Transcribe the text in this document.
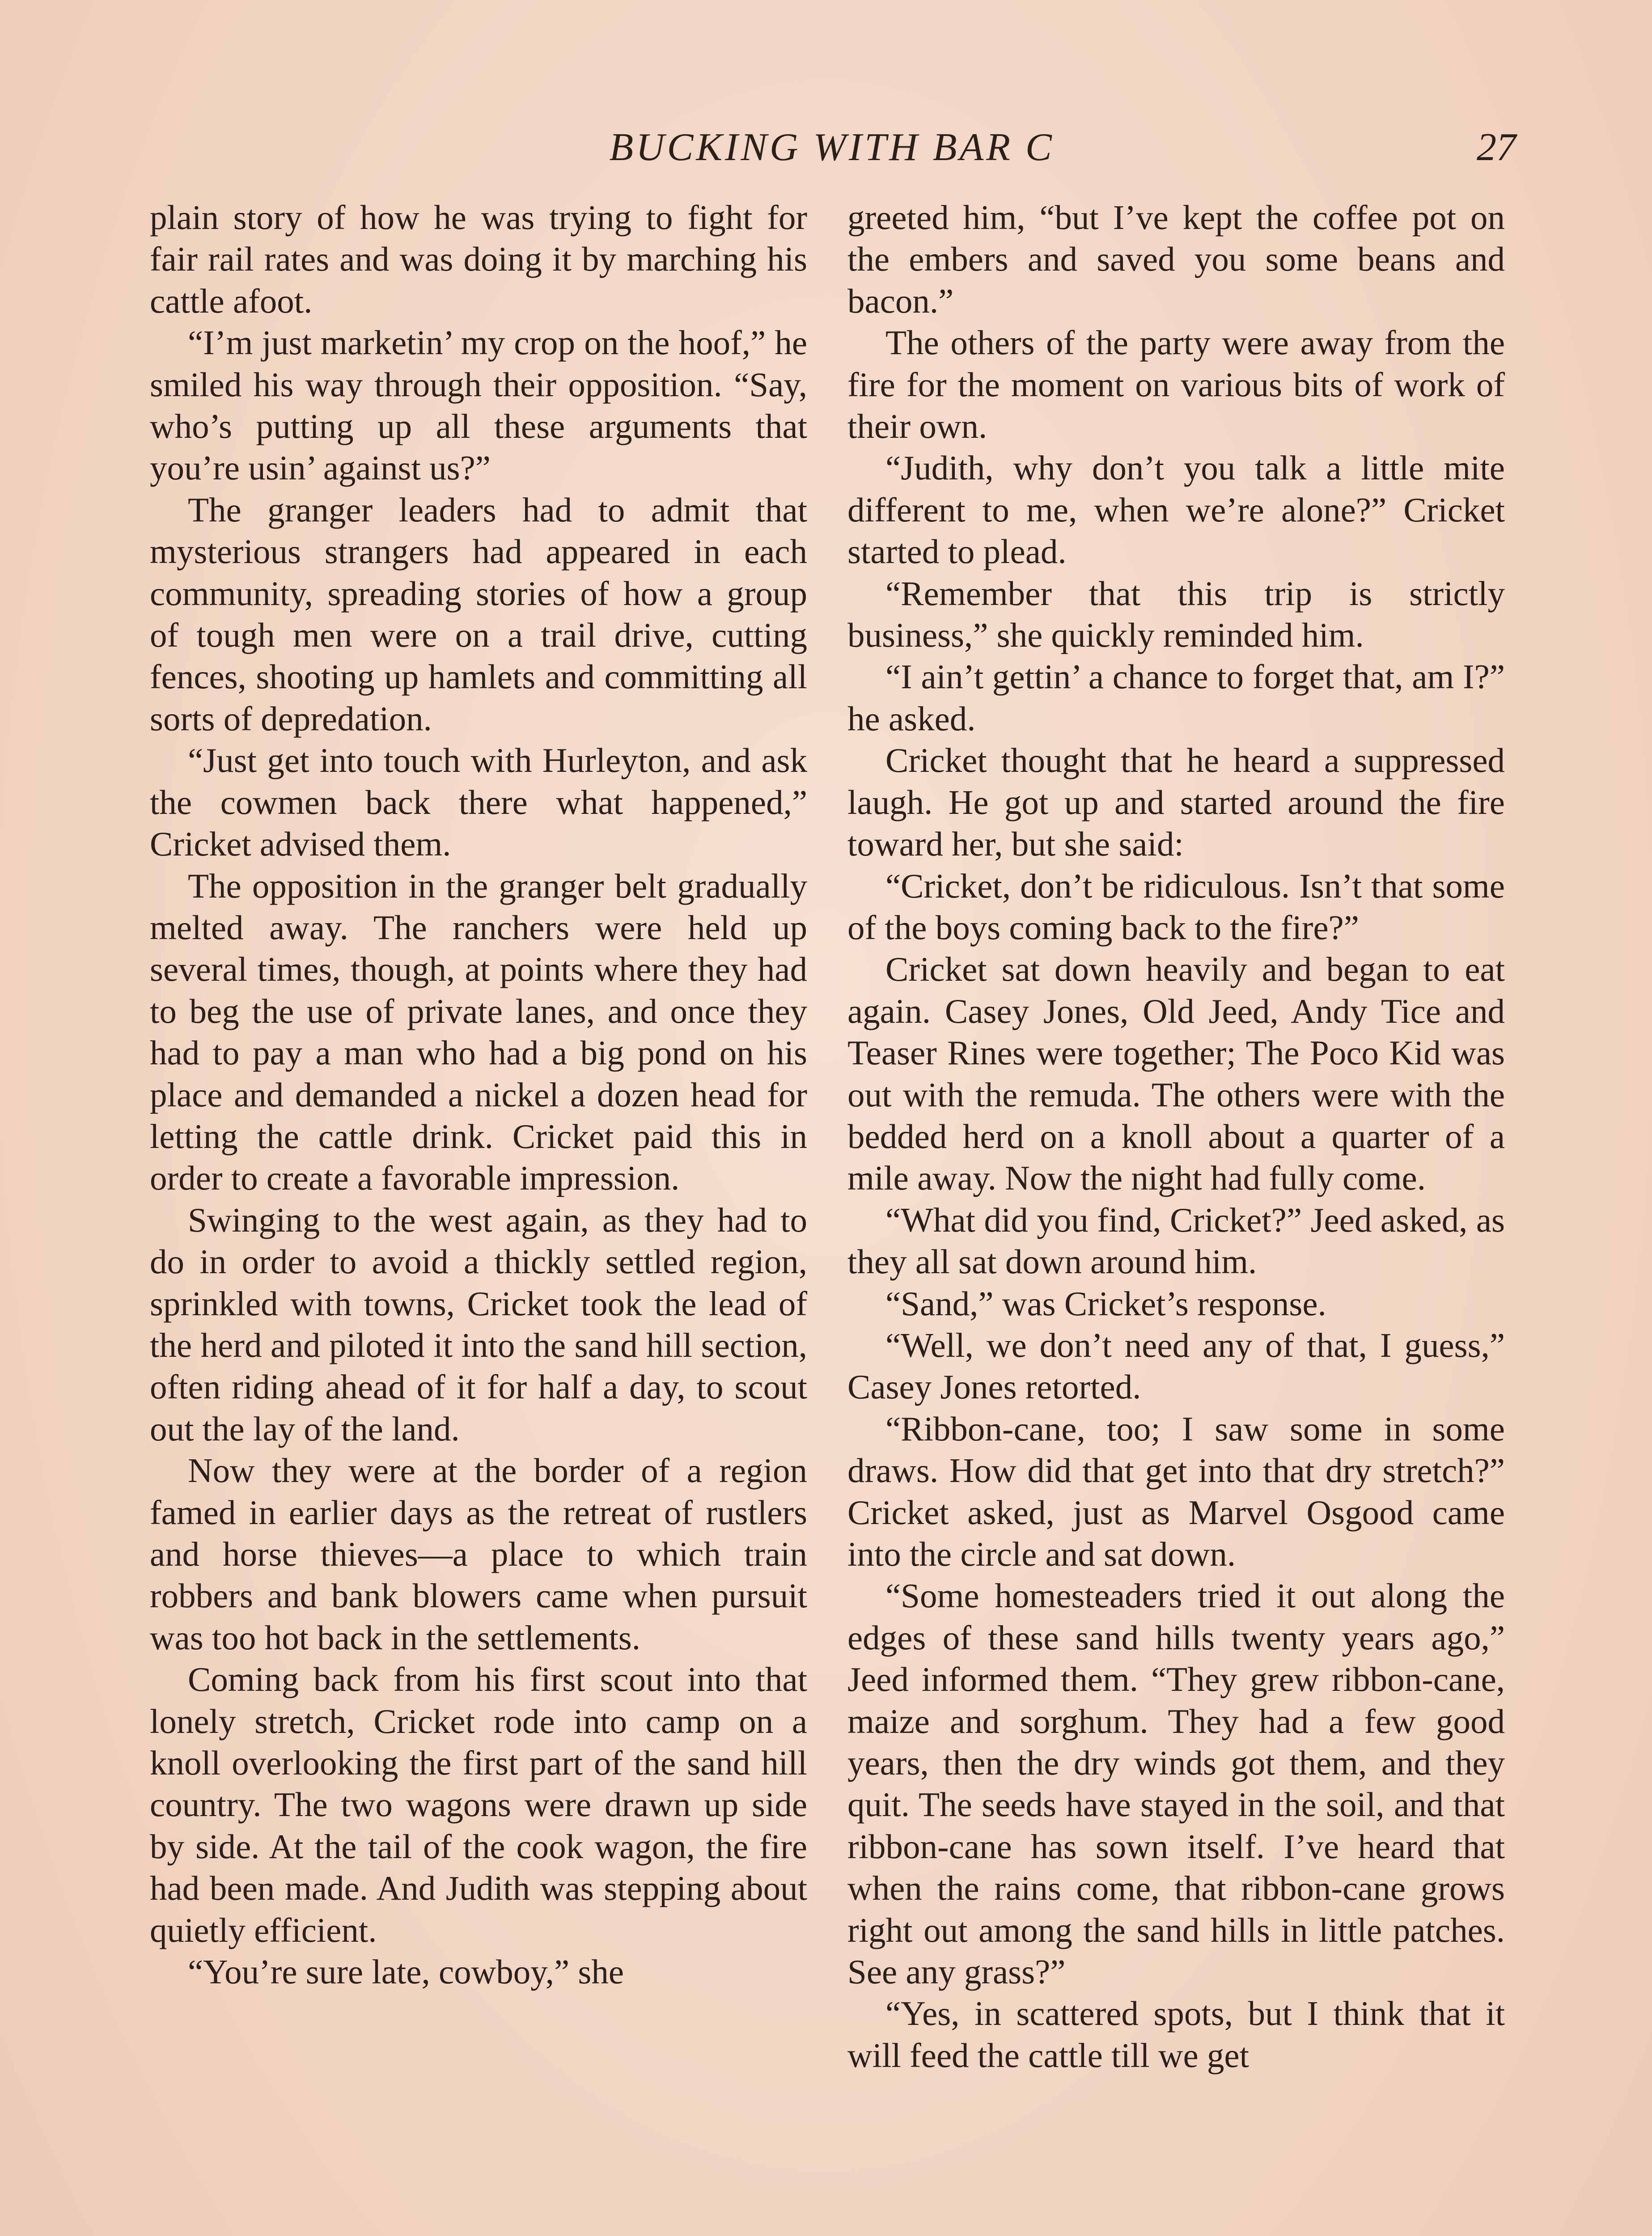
BUCKING WITH BAR C	27

plain story of how he was trying to fight for fair rail rates and was doing it by marching his cattle afoot.

“I’m just marketin’ my crop on the hoof,” he smiled his way through their opposition. “Say, who’s putting up all these arguments that you’re usin’ against us?”

The granger leaders had to admit that mysterious strangers had appeared in each community, spreading stories of how a group of tough men were on a trail drive, cutting fences, shooting up hamlets and committing all sorts of depredation.

“Just get into touch with Hurleyton, and ask the cowmen back there what happened,” Cricket advised them.

The opposition in the granger belt gradually melted away. The ranchers were held up several times, though, at points where they had to beg the use of private lanes, and once they had to pay a man who had a big pond on his place and demanded a nickel a dozen head for letting the cattle drink. Cricket paid this in order to create a favorable impression.

Swinging to the west again, as they had to do in order to avoid a thickly settled region, sprinkled with towns, Cricket took the lead of the herd and piloted it into the sand hill section, often riding ahead of it for half a day, to scout out the lay of the land.

Now they were at the border of a region famed in earlier days as the retreat of rustlers and horse thieves—a place to which train robbers and bank blowers came when pursuit was too hot back in the settlements.

Coming back from his first scout into that lonely stretch, Cricket rode into camp on a knoll overlooking the first part of the sand hill country. The two wagons were drawn up side by side. At the tail of the cook wagon, the fire had been made. And Judith was stepping about quietly efficient.

“You’re sure late, cowboy,” she

greeted him, “but I’ve kept the coffee pot on the embers and saved you some beans and bacon.”

The others of the party were away from the fire for the moment on various bits of work of their own.

“Judith, why don’t you talk a little mite different to me, when we’re alone?” Cricket started to plead.

“Remember that this trip is strictly business,” she quickly reminded him.

“I ain’t gettin’ a chance to forget that, am I?” he asked.

Cricket thought that he heard a suppressed laugh. He got up and started around the fire toward her, but she said:

“Cricket, don’t be ridiculous. Isn’t that some of the boys coming back to the fire?”

Cricket sat down heavily and began to eat again. Casey Jones, Old Jeed, Andy Tice and Teaser Rines were together; The Poco Kid was out with the remuda. The others were with the bedded herd on a knoll about a quarter of a mile away. Now the night had fully come.

“What did you find, Cricket?” Jeed asked, as they all sat down around him.

“Sand,” was Cricket’s response.

“Well, we don’t need any of that, I guess,” Casey Jones retorted.

“Ribbon-cane, too; I saw some in some draws. How did that get into that dry stretch?” Cricket asked, just as Marvel Osgood came into the circle and sat down.

“Some homesteaders tried it out along the edges of these sand hills twenty years ago,” Jeed informed them. “They grew ribbon-cane, maize and sorghum. They had a few good years, then the dry winds got them, and they quit. The seeds have stayed in the soil, and that ribbon-cane has sown itself. I’ve heard that when the rains come, that ribbon-cane grows right out among the sand hills in little patches. See any grass?”

“Yes, in scattered spots, but I think that it will feed the cattle till we get
